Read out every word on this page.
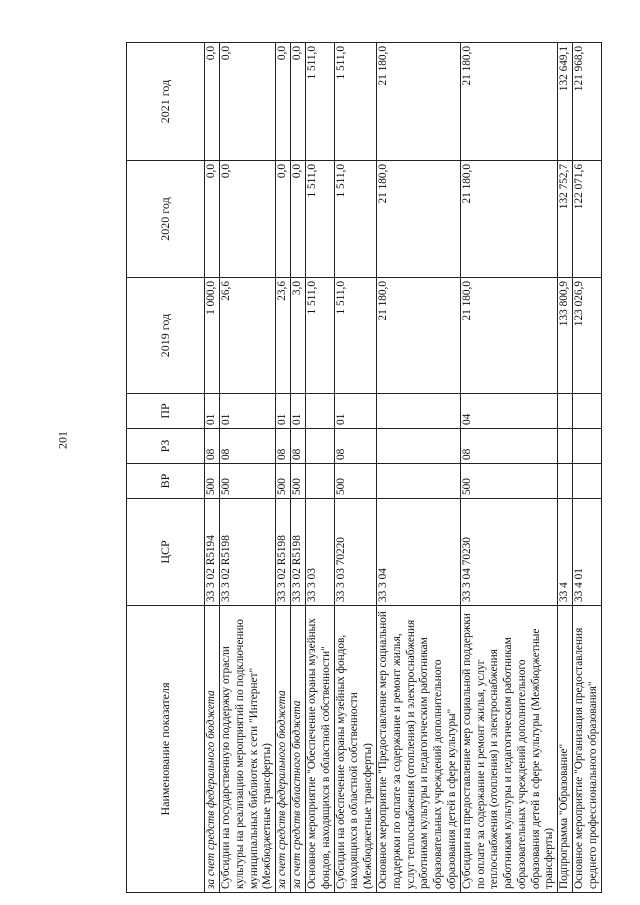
201
Наименование показателя	ЦСР	ВР	РЗ	ПР	2019 год	2020 год	2021 год
за счет средств федерального бюджета	33 3 02 R5194	500	08	01	1 000,0	0,0	0,0
Субсидии на государственную поддержку отрасли культуры на реализацию мероприятий по подключению муниципальных библиотек к сети "Интернет" (Межбюджетные трансферты)	33 3 02 R5198	500	08	01	26,6	0,0	0,0
за счет средств федерального бюджета	33 3 02 R5198	500	08	01	23,6	0,0	0,0
за счет средств областного бюджета	33 3 02 R5198	500	08	01	3,0	0,0	0,0
Основное мероприятие "Обеспечение охраны музейных фондов, находящихся в областной собственности"	33 3 03				1 511,0	1 511,0	1 511,0
Субсидии на обеспечение охраны музейных фондов, находящихся в областной собственности (Межбюджетные трансферты)	33 3 03 70220	500	08	01	1 511,0	1 511,0	1 511,0
Основное мероприятие "Предоставление мер социальной поддержки по оплате за содержание и ремонт жилья, услуг теплоснабжения (отопления) и электроснабжения работникам культуры и педагогическим работникам образовательных учреждений дополнительного образования детей в сфере культуры"	33 3 04				21 180,0	21 180,0	21 180,0
Субсидии на предоставление мер социальной поддержки по оплате за содержание и ремонт жилья, услуг теплоснабжения (отопления) и электроснабжения работникам культуры и педагогическим работникам образовательных учреждений дополнительного образования детей в сфере культуры (Межбюджетные трансферты)	33 3 04 70230	500	08	04	21 180,0	21 180,0	21 180,0
Подпрограмма "Образование"	33 4				133 800,9	132 752,7	132 649,1
Основное мероприятие "Организация предоставления среднего профессионального образования"	33 4 01				123 026,9	122 071,6	121 968,0
